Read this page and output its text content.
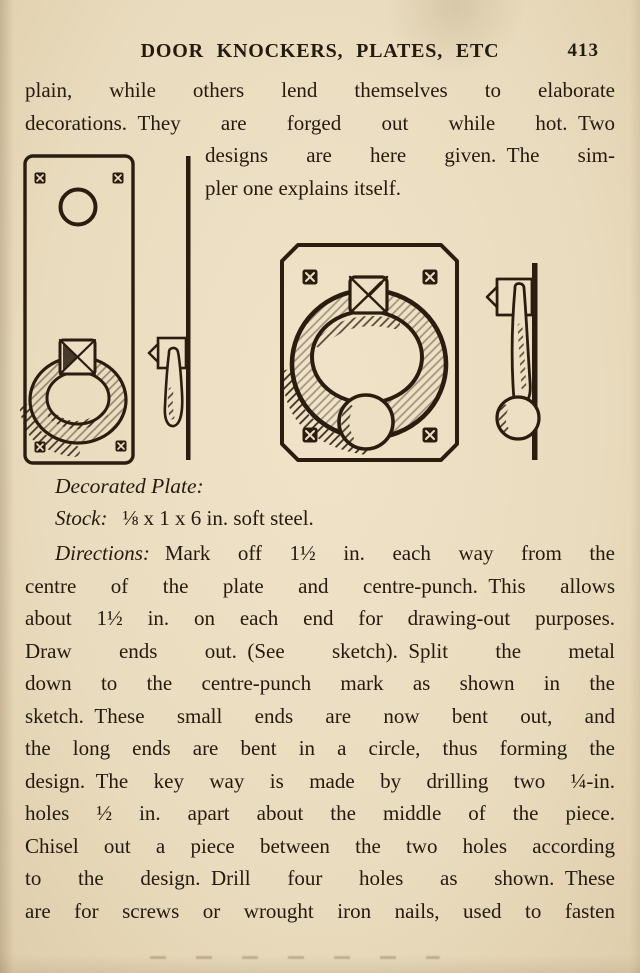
DOOR KNOCKERS, PLATES, ETC	413
plain, while others lend themselves to elaborate
decorations. They are forged out while hot. Two
designs are here given. The sim-
pler one explains itself.
Decorated Plate:
Stock: ⅛ x 1 x 6 in. soft steel.
Directions: Mark off 1½ in. each way from the
centre of the plate and centre-punch. This allows
about 1½ in. on each end for drawing-out purposes.
Draw ends out. (See sketch). Split the metal
down to the centre-punch mark as shown in the
sketch. These small ends are now bent out, and
the long ends are bent in a circle, thus forming the
design. The key way is made by drilling two ¼-in.
holes ½ in. apart about the middle of the piece.
Chisel out a piece between the two holes according
to the design. Drill four holes as shown. These
are for screws or wrought iron nails, used to fasten
